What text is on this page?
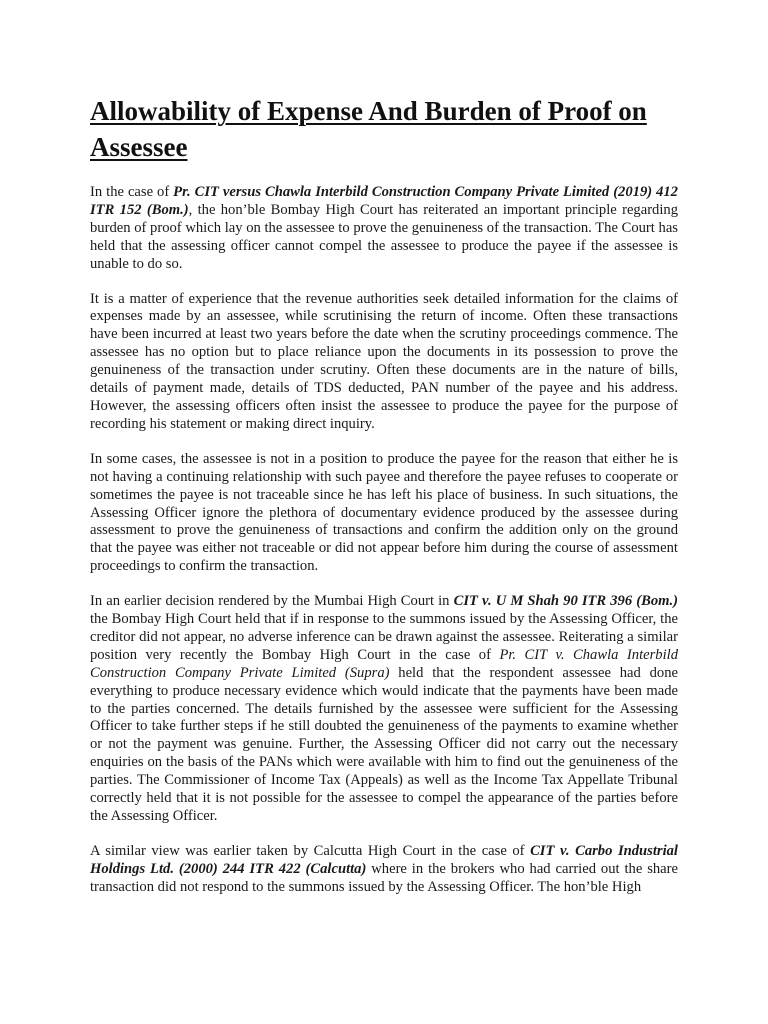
Allowability of Expense And Burden of Proof on Assessee

In the case of Pr. CIT versus Chawla Interbild Construction Company Private Limited (2019) 412 ITR 152 (Bom.), the hon’ble Bombay High Court has reiterated an important principle regarding burden of proof which lay on the assessee to prove the genuineness of the transaction. The Court has held that the assessing officer cannot compel the assessee to produce the payee if the assessee is unable to do so.

It is a matter of experience that the revenue authorities seek detailed information for the claims of expenses made by an assessee, while scrutinising the return of income. Often these transactions have been incurred at least two years before the date when the scrutiny proceedings commence. The assessee has no option but to place reliance upon the documents in its possession to prove the genuineness of the transaction under scrutiny. Often these documents are in the nature of bills, details of payment made, details of TDS deducted, PAN number of the payee and his address. However, the assessing officers often insist the assessee to produce the payee for the purpose of recording his statement or making direct inquiry.

In some cases, the assessee is not in a position to produce the payee for the reason that either he is not having a continuing relationship with such payee and therefore the payee refuses to cooperate or sometimes the payee is not traceable since he has left his place of business. In such situations, the Assessing Officer ignore the plethora of documentary evidence produced by the assessee during assessment to prove the genuineness of transactions and confirm the addition only on the ground that the payee was either not traceable or did not appear before him during the course of assessment proceedings to confirm the transaction.

In an earlier decision rendered by the Mumbai High Court in CIT v. U M Shah 90 ITR 396 (Bom.) the Bombay High Court held that if in response to the summons issued by the Assessing Officer, the creditor did not appear, no adverse inference can be drawn against the assessee. Reiterating a similar position very recently the Bombay High Court in the case of Pr. CIT v. Chawla Interbild Construction Company Private Limited (Supra) held that the respondent assessee had done everything to produce necessary evidence which would indicate that the payments have been made to the parties concerned. The details furnished by the assessee were sufficient for the Assessing Officer to take further steps if he still doubted the genuineness of the payments to examine whether or not the payment was genuine. Further, the Assessing Officer did not carry out the necessary enquiries on the basis of the PANs which were available with him to find out the genuineness of the parties. The Commissioner of Income Tax (Appeals) as well as the Income Tax Appellate Tribunal correctly held that it is not possible for the assessee to compel the appearance of the parties before the Assessing Officer.

A similar view was earlier taken by Calcutta High Court in the case of CIT v. Carbo Industrial Holdings Ltd. (2000) 244 ITR 422 (Calcutta) where in the brokers who had carried out the share transaction did not respond to the summons issued by the Assessing Officer. The hon’ble High
